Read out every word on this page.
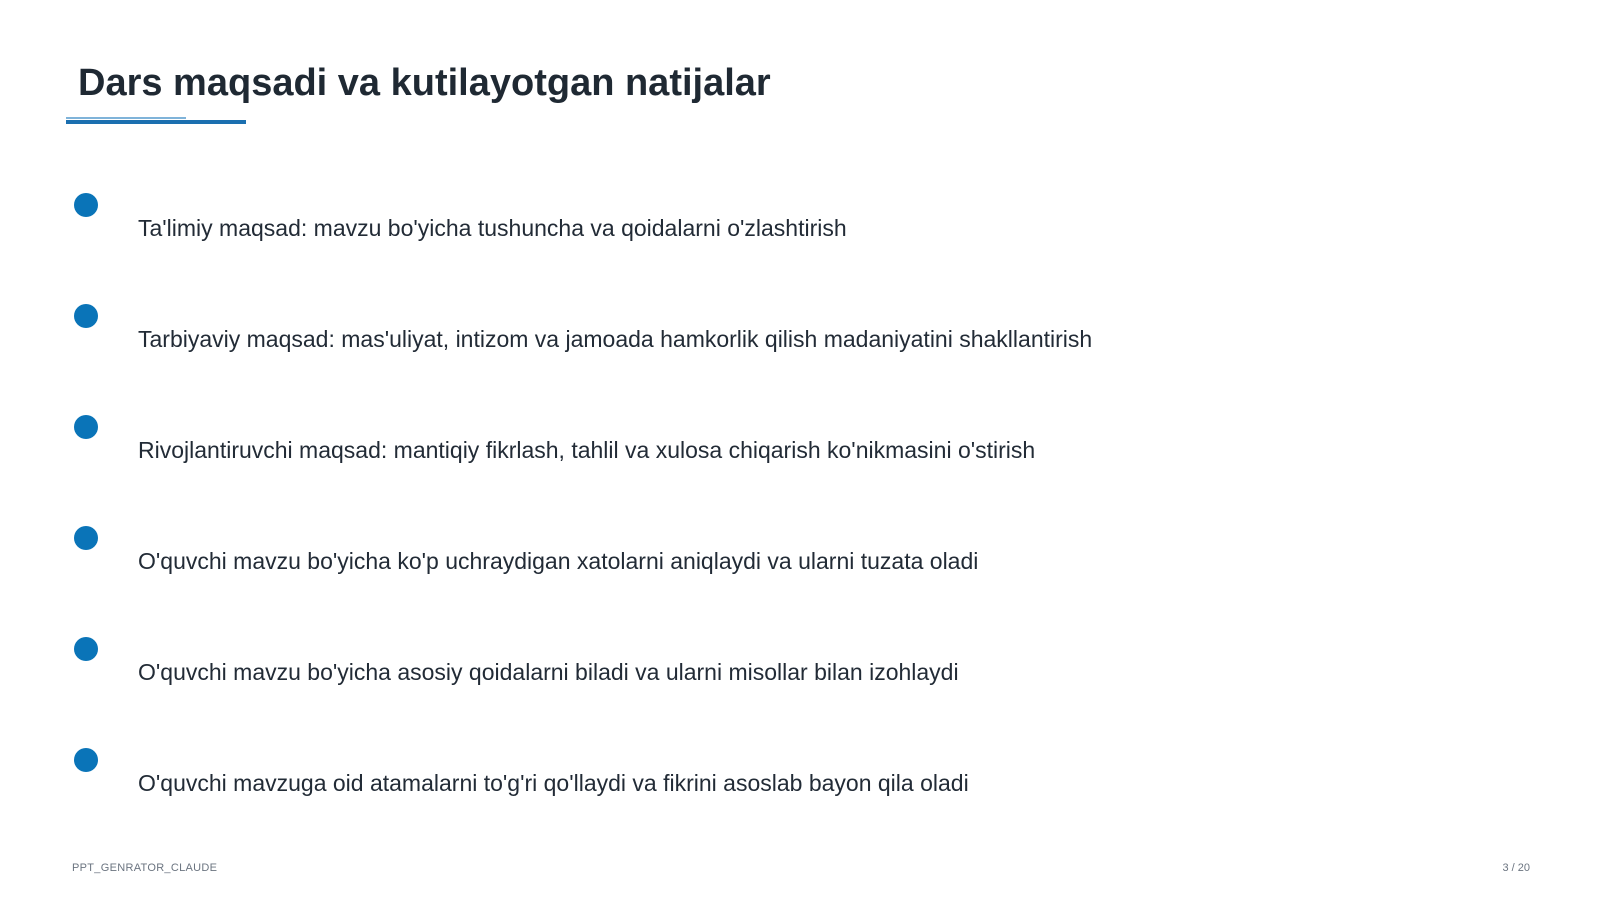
Dars maqsadi va kutilayotgan natijalar
Ta'limiy maqsad: mavzu bo'yicha tushuncha va qoidalarni o'zlashtirish
Tarbiyaviy maqsad: mas'uliyat, intizom va jamoada hamkorlik qilish madaniyatini shakllantirish
Rivojlantiruvchi maqsad: mantiqiy fikrlash, tahlil va xulosa chiqarish ko'nikmasini o'stirish
O'quvchi mavzu bo'yicha ko'p uchraydigan xatolarni aniqlaydi va ularni tuzata oladi
O'quvchi mavzu bo'yicha asosiy qoidalarni biladi va ularni misollar bilan izohlaydi
O'quvchi mavzuga oid atamalarni to'g'ri qo'llaydi va fikrini asoslab bayon qila oladi
PPT_GENRATOR_CLAUDE	3 / 20
